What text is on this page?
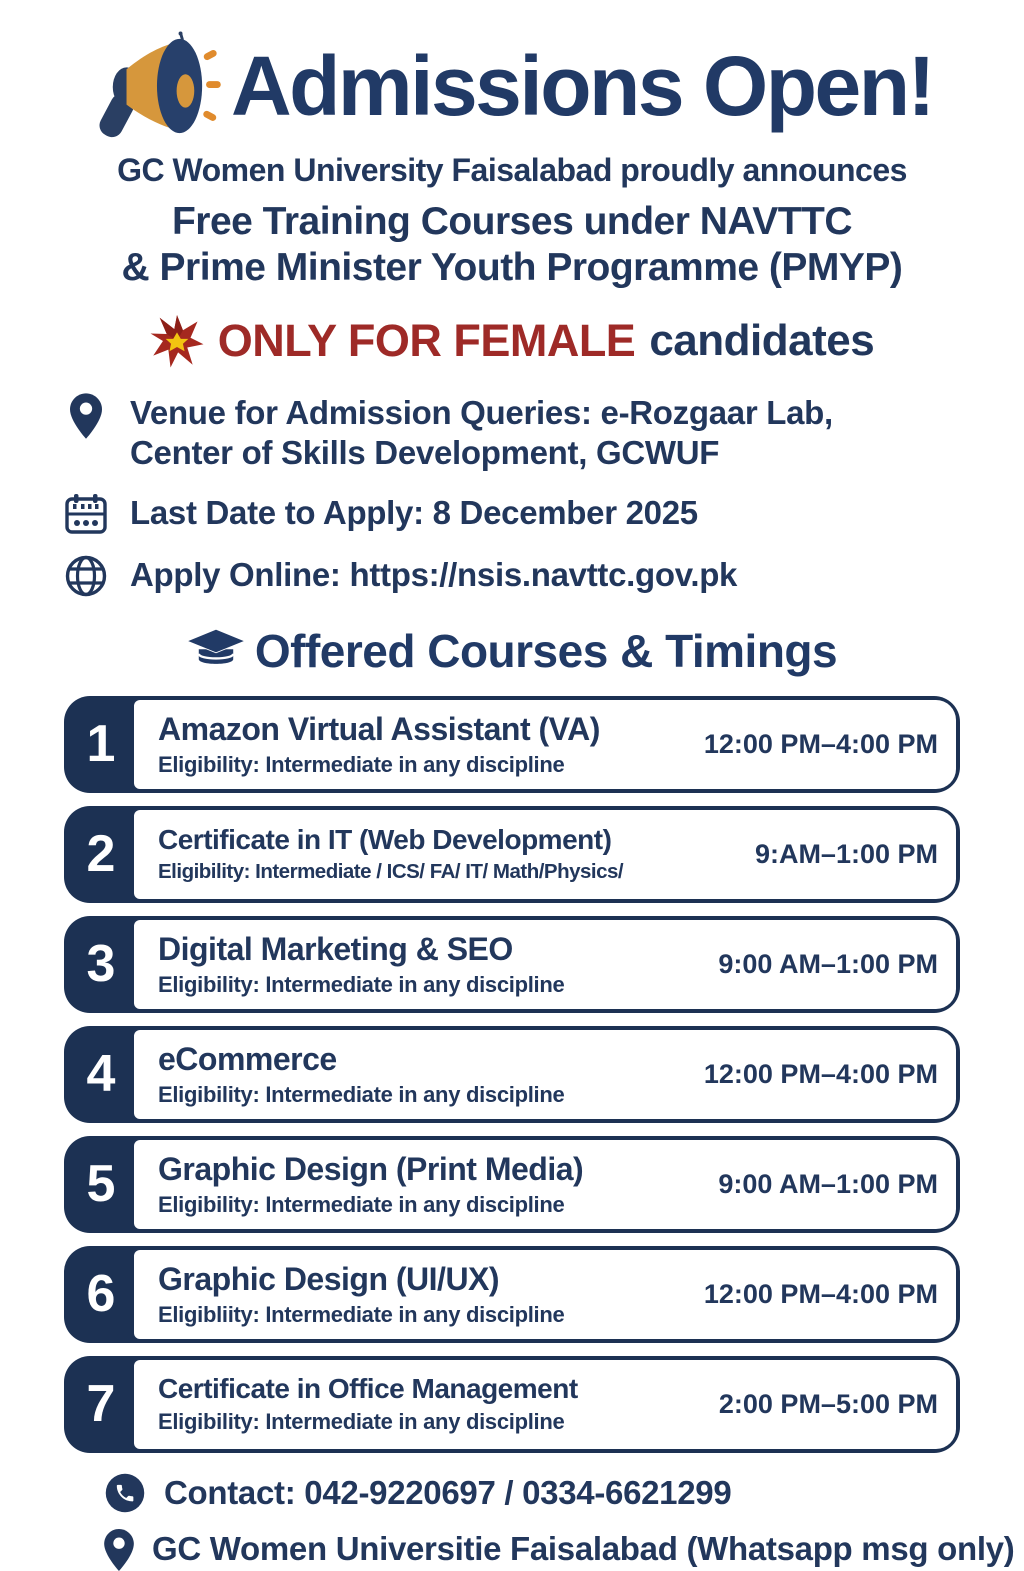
Admissions Open!
GC Women University Faisalabad proudly announces
Free Training Courses under NAVTTC
& Prime Minister Youth Programme (PMYP)
ONLY FOR FEMALE candidates
Venue for Admission Queries: e-Rozgaar Lab,
Center of Skills Development, GCWUF
Last Date to Apply: 8 December 2025
Apply Online: https://nsis.navttc.gov.pk
Offered Courses & Timings
1	Amazon Virtual Assistant (VA)
Eligibility: Intermediate in any discipline
12:00 PM–4:00 PM
2	Certificate in IT (Web Development)
Eligibility: Intermediate / ICS/ FA/ IT/ Math/Physics/
9:AM–1:00 PM
3	Digital Marketing & SEO
Eligibility: Intermediate in any discipline
9:00 AM–1:00 PM
4	eCommerce
Eligibility: Intermediate in any discipline
12:00 PM–4:00 PM
5	Graphic Design (Print Media)
Eligibility: Intermediate in any discipline
9:00 AM–1:00 PM
6	Graphic Design (UI/UX)
Eligibliity: Intermediate in any discipline
12:00 PM–4:00 PM
7	Certificate in Office Management
Eligibility: Intermediate in any discipline
2:00 PM–5:00 PM
Contact: 042-9220697 / 0334-6621299
GC Women Universitie Faisalabad (Whatsapp msg only)
